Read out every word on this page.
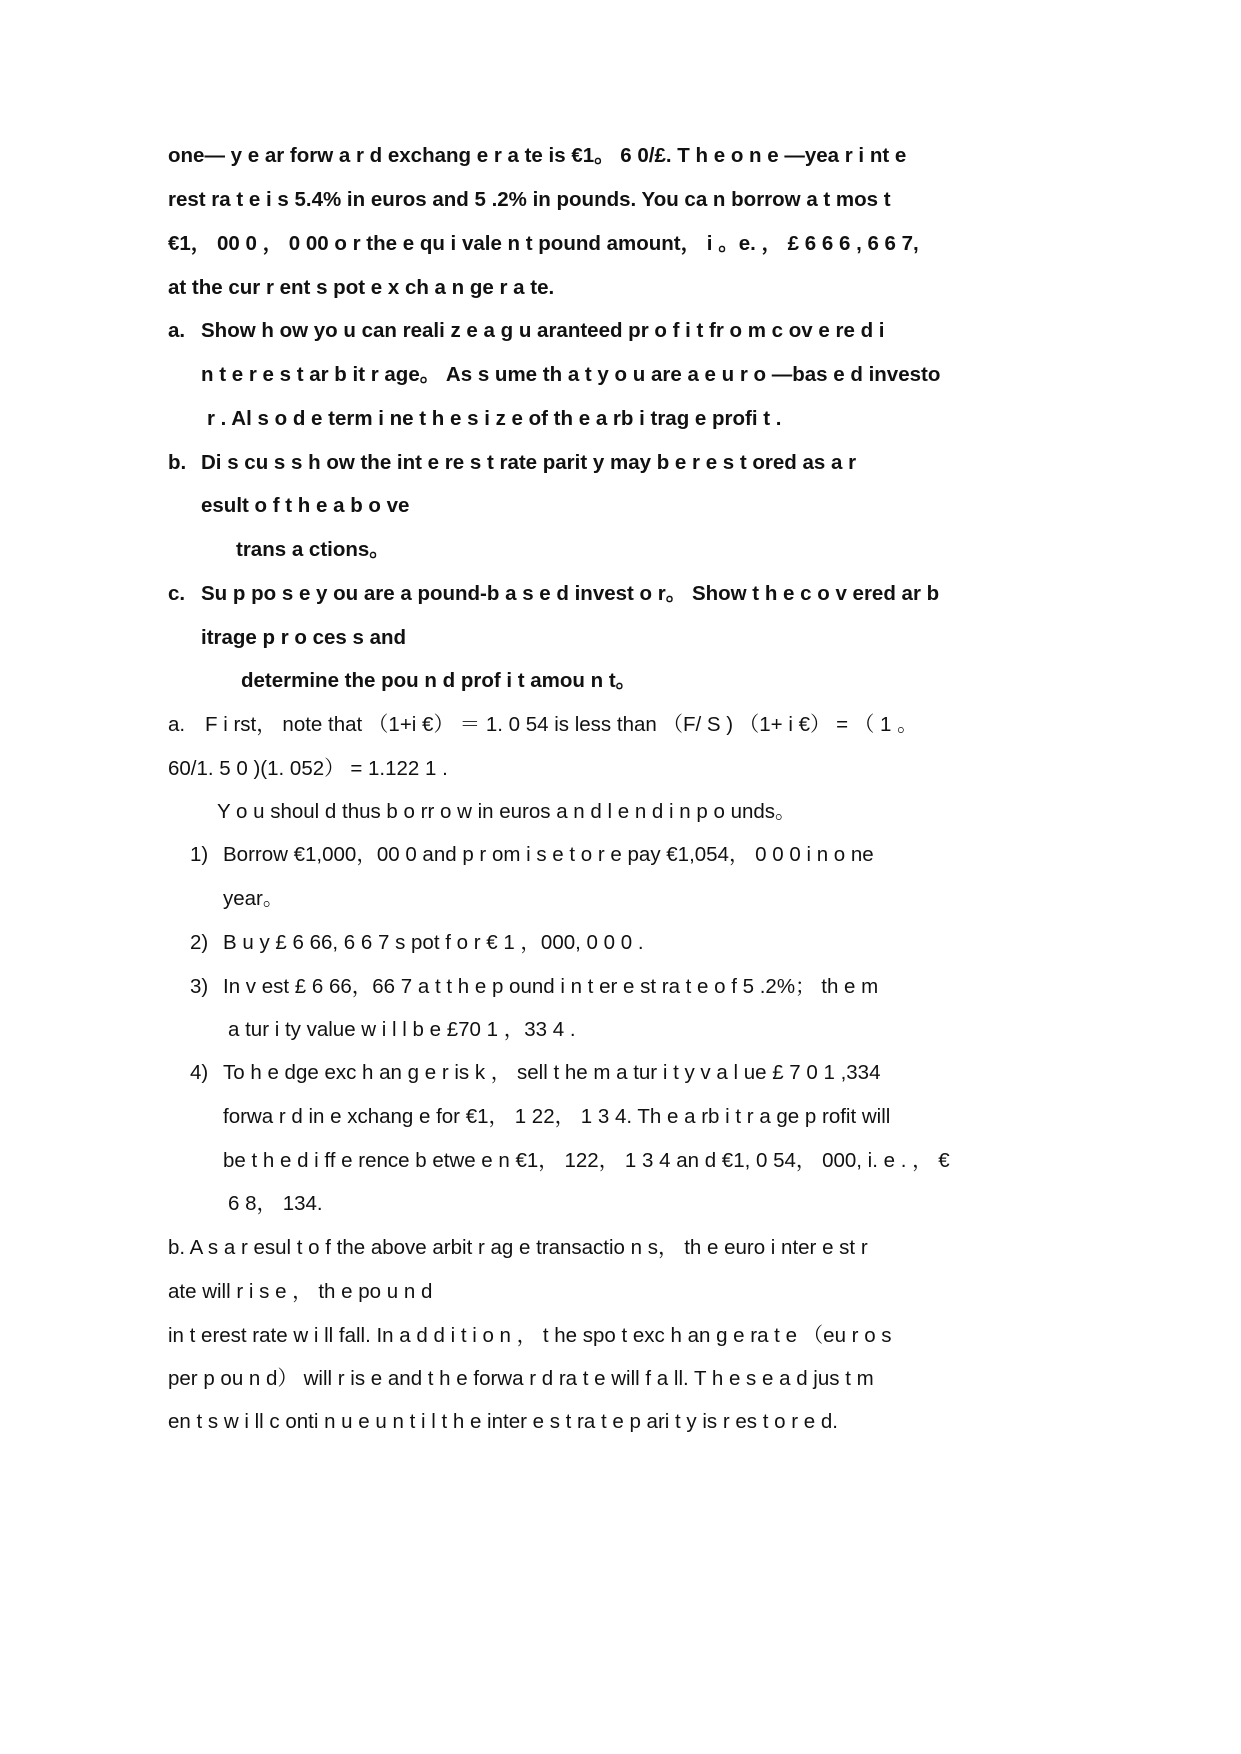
one— y e ar forw a r d exchang e r a te is €1。 6 0/£. T h e o n e —yea r i nt e
rest ra t e i s 5.4% in euros and 5 .2% in pounds. You ca n borrow a t mos t
€1， 00 0 ， 0 00 o r the e qu i vale n t pound amount， i 。e. ， £ 6 6 6 , 6 6 7,
at the cur r ent s pot e x ch a n ge r a te.
a. Show h ow yo u can reali z e a g u aranteed pr o f i t fr o m c ov e re d i
n t e r e s t ar b it r age。 As s ume th a t y o u are a e u r o —bas e d investo
r . Al s o d e term i ne t h e s i z e of th e a rb i trag e profi t .
b. Di s cu s s h ow the int e re s t rate parit y may b e r e s t ored as a r
esult o f t h e a b o ve
trans a ctions。
c. Su p po s e y ou are a pound-b a s e d invest o r。 Show t h e c o v ered ar b
itrage p r o ces s and
determine the pou n d prof i t amou n t。
a. F i rst， note that （1+i €） ＝ 1. 0 54 is less than （F/ S ) （1+ i €） = （ 1 。
60/1. 5 0 )(1. 052） = 1.122 1 .
Y o u shoul d thus b o rr o w in euros a n d l e n d i n p o unds。
1) Borrow €1,000，00 0 and p r om i s e t o r e pay €1,054， 0 0 0 i n o ne
year。
2) B u y £ 6 66, 6 6 7 s pot f o r € 1 ，000, 0 0 0 .
3) In v est £ 6 66，66 7 a t t h e p ound i n t er e st ra t e o f 5 .2%； th e m
a tur i ty value w i l l b e £70 1 ，33 4 .
4) To h e dge exc h an g e r is k ， sell t he m a tur i t y v a l ue £ 7 0 1 ,334
forwa r d in e xchang e for €1， 1 22， 1 3 4. Th e a rb i t r a ge p rofit will
be t h e d i ff e rence b etwe e n €1， 122， 1 3 4 an d €1, 0 54， 000, i. e . ， €
6 8， 134.
b. A s a r esul t o f the above arbit r ag e transactio n s， th e euro i nter e st r
ate will r i s e ， th e po u n d
in t erest rate w i ll fall. In a d d i t i o n ， t he spo t exc h an g e ra t e （eu r o s
per p ou n d） will r is e and t h e forwa r d ra t e will f a ll. T h e s e a d jus t m
en t s w i ll c onti n u e u n t i l t h e inter e s t ra t e p ari t y is r es t o r e d.
